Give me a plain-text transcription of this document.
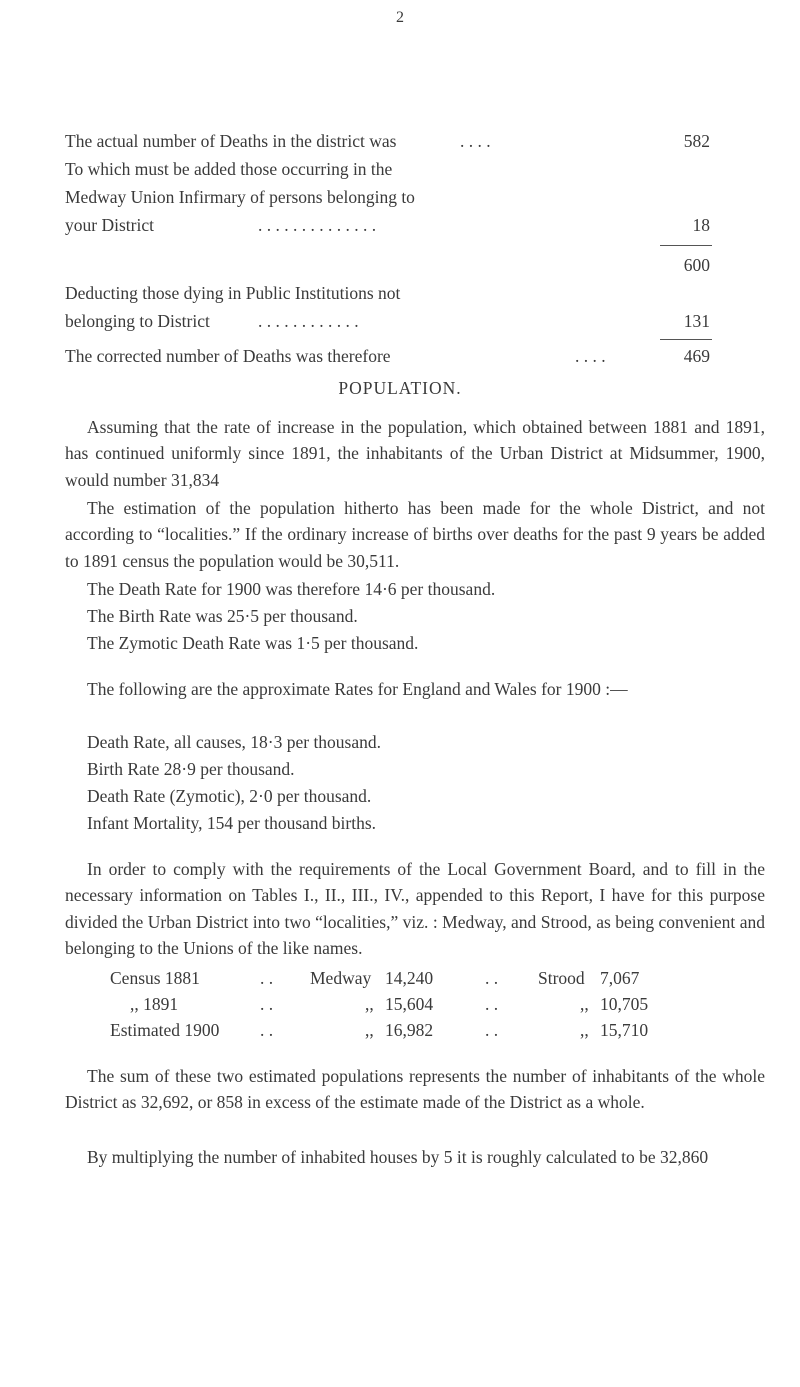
2
The actual number of Deaths in the district was	. . . .	582
To which must be added those occurring in the
Medway Union Infirmary of persons belonging to
your District	. . . . . . . . . . . . . .	18
600
Deducting those dying in Public Institutions not
belonging to District	. . . . . . . . . . . .	131
The corrected number of Deaths was therefore	. . . .	469
POPULATION.
Assuming that the rate of increase in the population, which obtained between 1881 and 1891, has continued uniformly since 1891, the inhabitants of the Urban District at Midsummer, 1900, would number 31,834
The estimation of the population hitherto has been made for the whole District, and not according to “localities.” If the ordinary increase of births over deaths for the past 9 years be added to 1891 census the population would be 30,511.
The Death Rate for 1900 was therefore 14·6 per thousand.
The Birth Rate was 25·5 per thousand.
The Zymotic Death Rate was 1·5 per thousand.
The following are the approximate Rates for England and Wales for 1900 :—
Death Rate, all causes, 18·3 per thousand.
Birth Rate 28·9 per thousand.
Death Rate (Zymotic), 2·0 per thousand.
Infant Mortality, 154 per thousand births.
In order to comply with the requirements of the Local Government Board, and to fill in the necessary information on Tables I., II., III., IV., appended to this Report, I have for this purpose divided the Urban District into two “localities,” viz. : Medway, and Strood, as being convenient and belonging to the Unions of the like names.
Census 1881	. . Medway 14,240	. . Strood 7,067
,, 1891	. .	,, 15,604	. .	,, 10,705
Estimated 1900 . .	,, 16,982	. .	,, 15,710
The sum of these two estimated populations represents the number of inhabitants of the whole District as 32,692, or 858 in excess of the estimate made of the District as a whole.
By multiplying the number of inhabited houses by 5 it is roughly calculated to be 32,860
